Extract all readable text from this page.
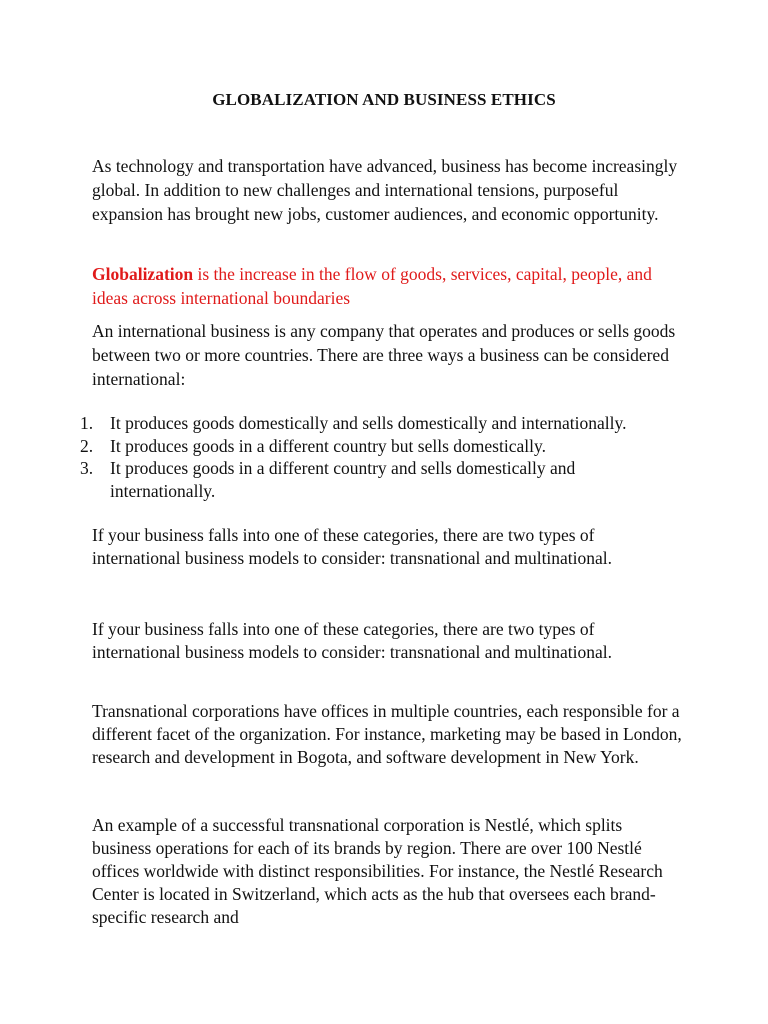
GLOBALIZATION AND BUSINESS ETHICS

As technology and transportation have advanced, business has become increasingly global. In addition to new challenges and international tensions, purposeful expansion has brought new jobs, customer audiences, and economic opportunity.

Globalization is the increase in the flow of goods, services, capital, people, and ideas across international boundaries

An international business is any company that operates and produces or sells goods between two or more countries. There are three ways a business can be considered international:

1. It produces goods domestically and sells domestically and internationally.
2. It produces goods in a different country but sells domestically.
3. It produces goods in a different country and sells domestically and internationally.

If your business falls into one of these categories, there are two types of international business models to consider: transnational and multinational.

If your business falls into one of these categories, there are two types of international business models to consider: transnational and multinational.

Transnational corporations have offices in multiple countries, each responsible for a different facet of the organization. For instance, marketing may be based in London, research and development in Bogota, and software development in New York.

An example of a successful transnational corporation is Nestlé, which splits business operations for each of its brands by region. There are over 100 Nestlé offices worldwide with distinct responsibilities. For instance, the Nestlé Research Center is located in Switzerland, which acts as the hub that oversees each brand-specific research and
